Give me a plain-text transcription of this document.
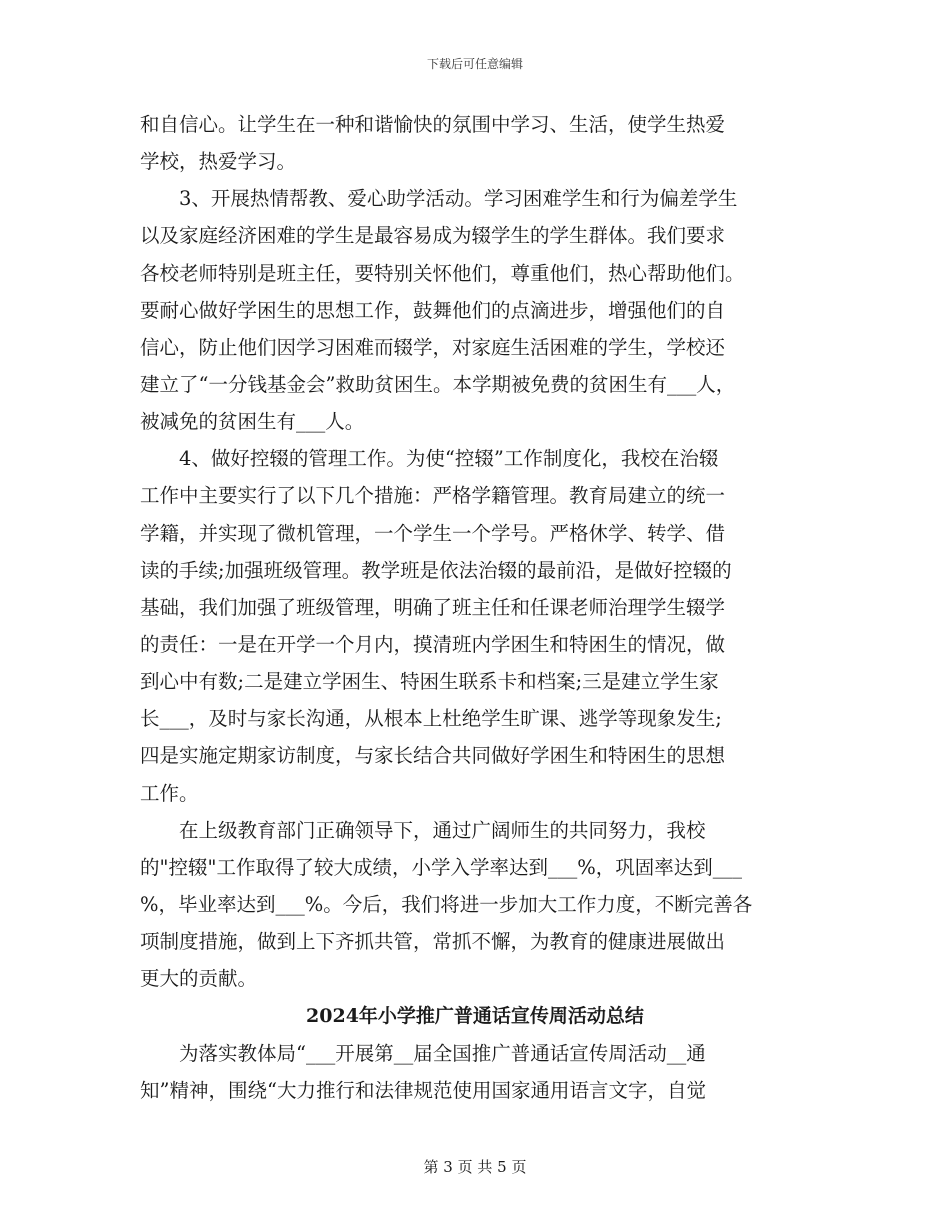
下载后可任意编辑
和自信心。让学生在一种和谐愉快的氛围中学习、生活，使学生热爱
学校，热爱学习。
　　3、开展热情帮教、爱心助学活动。学习困难学生和行为偏差学生
以及家庭经济困难的学生是最容易成为辍学生的学生群体。我们要求
各校老师特别是班主任，要特别关怀他们，尊重他们，热心帮助他们。
要耐心做好学困生的思想工作，鼓舞他们的点滴进步，增强他们的自
信心，防止他们因学习困难而辍学，对家庭生活困难的学生，学校还
建立了“一分钱基金会”救助贫困生。本学期被免费的贫困生有___人，
被减免的贫困生有___人。
　　4、做好控辍的管理工作。为使“控辍”工作制度化，我校在治辍
工作中主要实行了以下几个措施：严格学籍管理。教育局建立的统一
学籍，并实现了微机管理，一个学生一个学号。严格休学、转学、借
读的手续;加强班级管理。教学班是依法治辍的最前沿，是做好控辍的
基础，我们加强了班级管理，明确了班主任和任课老师治理学生辍学
的责任：一是在开学一个月内，摸清班内学困生和特困生的情况，做
到心中有数;二是建立学困生、特困生联系卡和档案;三是建立学生家
长___，及时与家长沟通，从根本上杜绝学生旷课、逃学等现象发生;
四是实施定期家访制度，与家长结合共同做好学困生和特困生的思想
工作。
　　在上级教育部门正确领导下，通过广阔师生的共同努力，我校
的"控辍"工作取得了较大成绩，小学入学率达到___%，巩固率达到___
%，毕业率达到___%。今后，我们将进一步加大工作力度，不断完善各
项制度措施，做到上下齐抓共管，常抓不懈，为教育的健康进展做出
更大的贡献。
2024年小学推广普通话宣传周活动总结
　　为落实教体局“___开展第__届全国推广普通话宣传周活动__通
知”精神，围绕“大力推行和法律规范使用国家通用语言文字，自觉
第 3 页 共 5 页
